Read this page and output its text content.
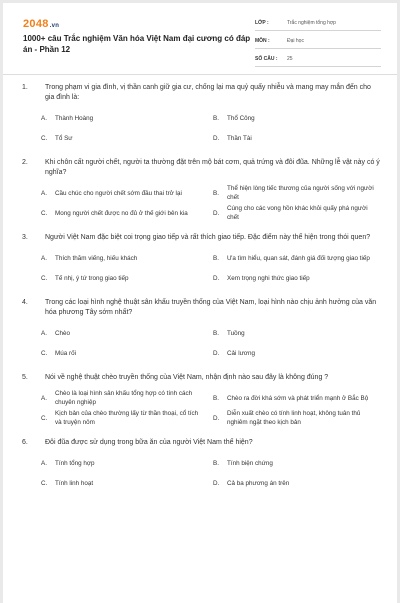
2048.vn
1000+ câu Trắc nghiệm Văn hóa Việt Nam đại cương có đáp án - Phần 12
LỚP :	Trắc nghiệm tổng hợp
MÔN :	Đại học
SỐ CÂU :	25
1. Trong phạm vi gia đình, vị thần canh giữ gia cư, chống lại ma quỷ quấy nhiễu và mang may mắn đến cho gia đình là:
A.	Thành Hoàng	B.	Thổ Công
C.	Tổ Sư	D.	Thần Tài
2. Khi chôn cất người chết, người ta thường đặt trên mộ bát cơm, quả trứng và đôi đũa. Những lễ vật này có ý nghĩa?
A.	Cầu chúc cho người chết sớm đầu thai trở lại	B.
Thể hiện lòng tiếc thương của người sống với người chết
C.	Mong người chết được no đủ ở thế giới bên kia	D.
Cúng cho các vong hồn khác khỏi quấy phá người chết
3. Người Việt Nam đặc biệt coi trọng giao tiếp và rất thích giao tiếp. Đặc điểm này thể hiện trong thói quen?
A.	Thích thăm viếng, hiếu khách	B.	Ưa tìm hiểu, quan sát, đánh giá đối tượng giao tiếp
C.	Tế nhị, ý tứ trong giao tiếp	D.	Xem trọng nghi thức giao tiếp
4. Trong các loại hình nghệ thuật sân khấu truyền thống của Việt Nam, loại hình nào chịu ảnh hưởng của văn hóa phương Tây sớm nhất?
A.	Chèo	B.	Tuồng
C.	Múa rối	D.	Cải lương
5. Nói về nghệ thuật chèo truyền thống của Việt Nam, nhận định nào sau đây là không đúng ?
A.
Chèo là loại hình sân khấu tổng hợp có tính cách chuyên nghiệp
B.	Chèo ra đời khá sớm và phát triển mạnh ở Bắc Bộ
C.
Kịch bản của chèo thường lấy từ thần thoại, cổ tích và truyện nôm
D.
Diễn xuất chèo có tính linh hoạt, không tuân thủ nghiêm ngặt theo kịch bản
6. Đôi đũa được sử dụng trong bữa ăn của người Việt Nam thể hiện?
A.	Tính tổng hợp	B.	Tính biện chứng
C.	Tính linh hoạt	D.	Cả ba phương án trên
